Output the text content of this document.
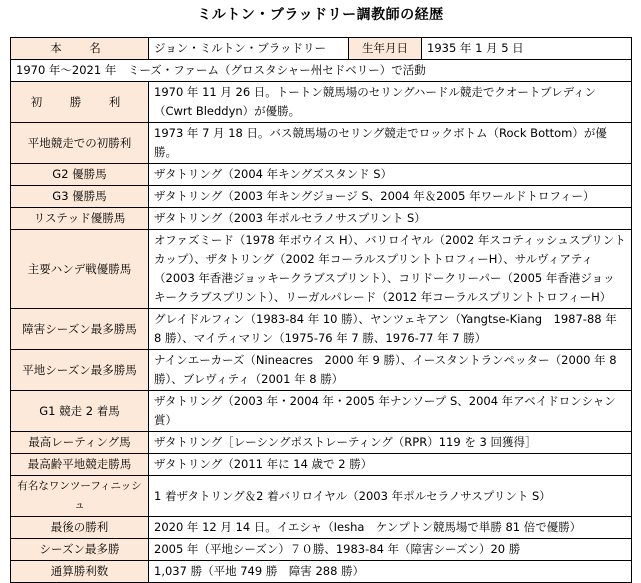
ミルトン・ブラッドリー調教師の経歴
本　名	ジョン・ミルトン・ブラッドリー	生年月日	1935 年 1 月 5 日
1970 年～2021 年　ミーズ・ファーム（グロスタシャー州セドベリー）で活動			
初　勝　利	1970 年 11 月 26 日。トートン競馬場のセリングハードル競走でクオートブレディン（Cwrt Bleddyn）が優勝。		
平地競走での初勝利	1973 年 7 月 18 日。バス競馬場のセリング競走でロックボトム（Rock Bottom）が優勝。		
G2 優勝馬	ザタトリング（2004 年キングズスタンド S）		
G3 優勝馬	ザタトリング（2003 年キングジョージ S、2004 年＆2005 年ワールドトロフィー）		
リステッド優勝馬	ザタトリング（2003 年ポルセラノサスプリント S）		
主要ハンデ戦優勝馬	オファズミード（1978 年ボウイス H）、バリロイヤル（2002 年スコティッシュスプリントカップ）、ザタトリング（2002 年コーラルスプリントトロフィーH）、サルヴィアティ（2003 年香港ジョッキークラブスプリント）、コリドークリーパー（2005 年香港ジョッキークラブスプリント）、リーガルパレード（2012 年コーラルスプリントトロフィーH）		
障害シーズン最多勝馬	グレイドルフィン（1983-84 年 10 勝）、ヤンツェキアン（Yangtse-Kiang　1987-88 年 8 勝）、マイティマリン（1975-76 年 7 勝、1976-77 年 7 勝）		
平地シーズン最多勝馬	ナインエーカーズ（Nineacres　2000 年 9 勝）、イースタントランペッター（2000 年 8 勝）、ブレヴィティ（2001 年 8 勝）		
G1 競走 2 着馬	ザタトリング（2003 年・2004 年・2005 年ナンソープ S、2004 年アベイドロンシャン賞）		
最高レーティング馬	ザタトリング［レーシングポストレーティング（RPR）119 を 3 回獲得］		
最高齢平地競走勝馬	ザタトリング（2011 年に 14 歳で 2 勝）		
有名なワンツーフィニッシュ	1 着ザタトリング＆2 着バリロイヤル（2003 年ポルセラノサスプリント S）		
最後の勝利	2020 年 12 月 14 日。イエシャ（Iesha　ケンプトン競馬場で単勝 81 倍で優勝）		
シーズン最多勝	2005 年（平地シーズン）７０勝、1983-84 年（障害シーズン）20 勝		
通算勝利数	1,037 勝（平地 749 勝　障害 288 勝）		
